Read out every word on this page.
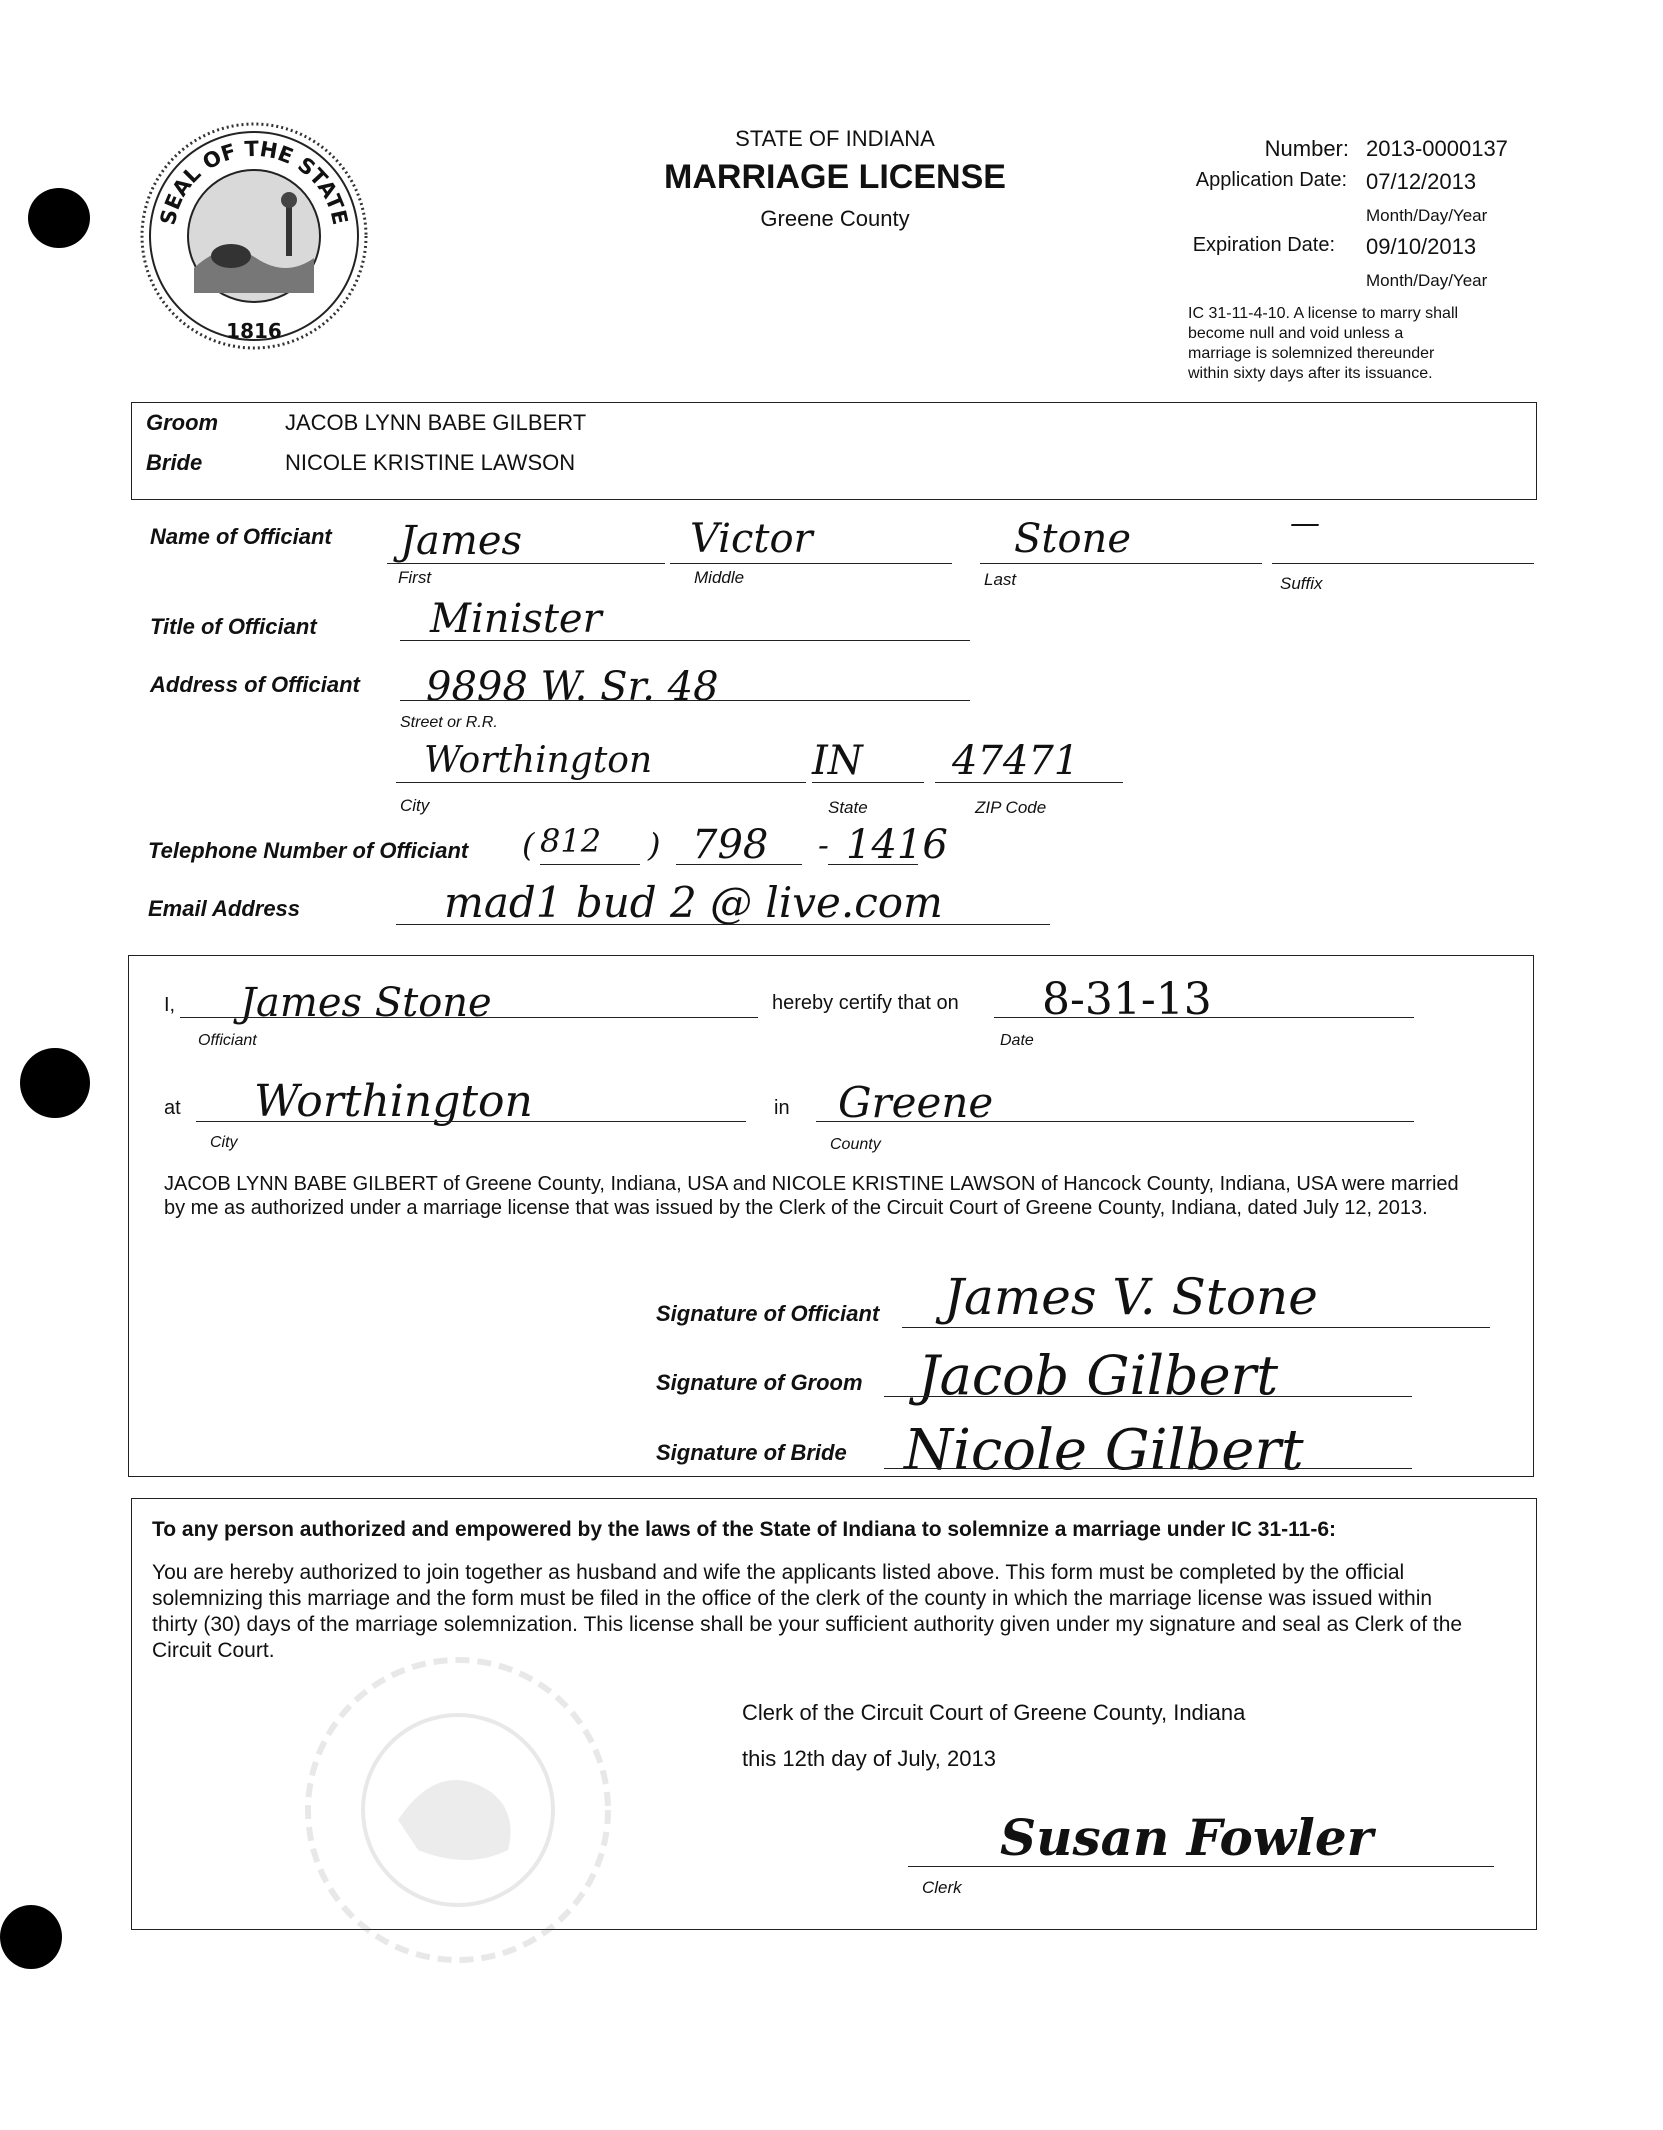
SEAL OF THE STATE
1816
STATE OF INDIANA
MARRIAGE LICENSE
Greene County
Number: 2013-0000137
Application Date: 07/12/2013
Month/Day/Year
Expiration Date: 09/10/2013
Month/Day/Year
IC 31-11-4-10. A license to marry shall
become null and void unless a
marriage is solemnized thereunder
within sixty days after its issuance.
Groom	JACOB LYNN BABE GILBERT
Bride	NICOLE KRISTINE LAWSON
Name of Officiant James	Victor	Stone	—
First	Middle	Last	Suffix
Title of Officiant	Minister
Address of Officiant 9898 W. Sr. 48
Street or R.R.
Worthington	IN 47471
City	State	ZIP Code
Telephone Number of Officiant ( 812 ) 798 - 1416
Email Address	mad1 bud 2 @ live.com
I, James Stone
Officiant
hereby certify that on 8-31-13
Date
at Worthington
City
in Greene
County
JACOB LYNN BABE GILBERT of Greene County, Indiana, USA and NICOLE KRISTINE LAWSON of Hancock County, Indiana, USA were married by me as authorized under a marriage license that was issued by the Clerk of the Circuit Court of Greene County, Indiana, dated July 12, 2013.
Signature of Officiant James V. Stone
Signature of Groom Jacob Gilbert
Signature of Bride Nicole Gilbert
To any person authorized and empowered by the laws of the State of Indiana to solemnize a marriage under IC 31-11-6:
You are hereby authorized to join together as husband and wife the applicants listed above. This form must be completed by the official solemnizing this marriage and the form must be filed in the office of the clerk of the county in which the marriage license was issued within thirty (30) days of the marriage solemnization. This license shall be your sufficient authority given under my signature and seal as Clerk of the Circuit Court.
Clerk of the Circuit Court of Greene County, Indiana
this 12th day of July, 2013
Susan Fowler
Clerk
